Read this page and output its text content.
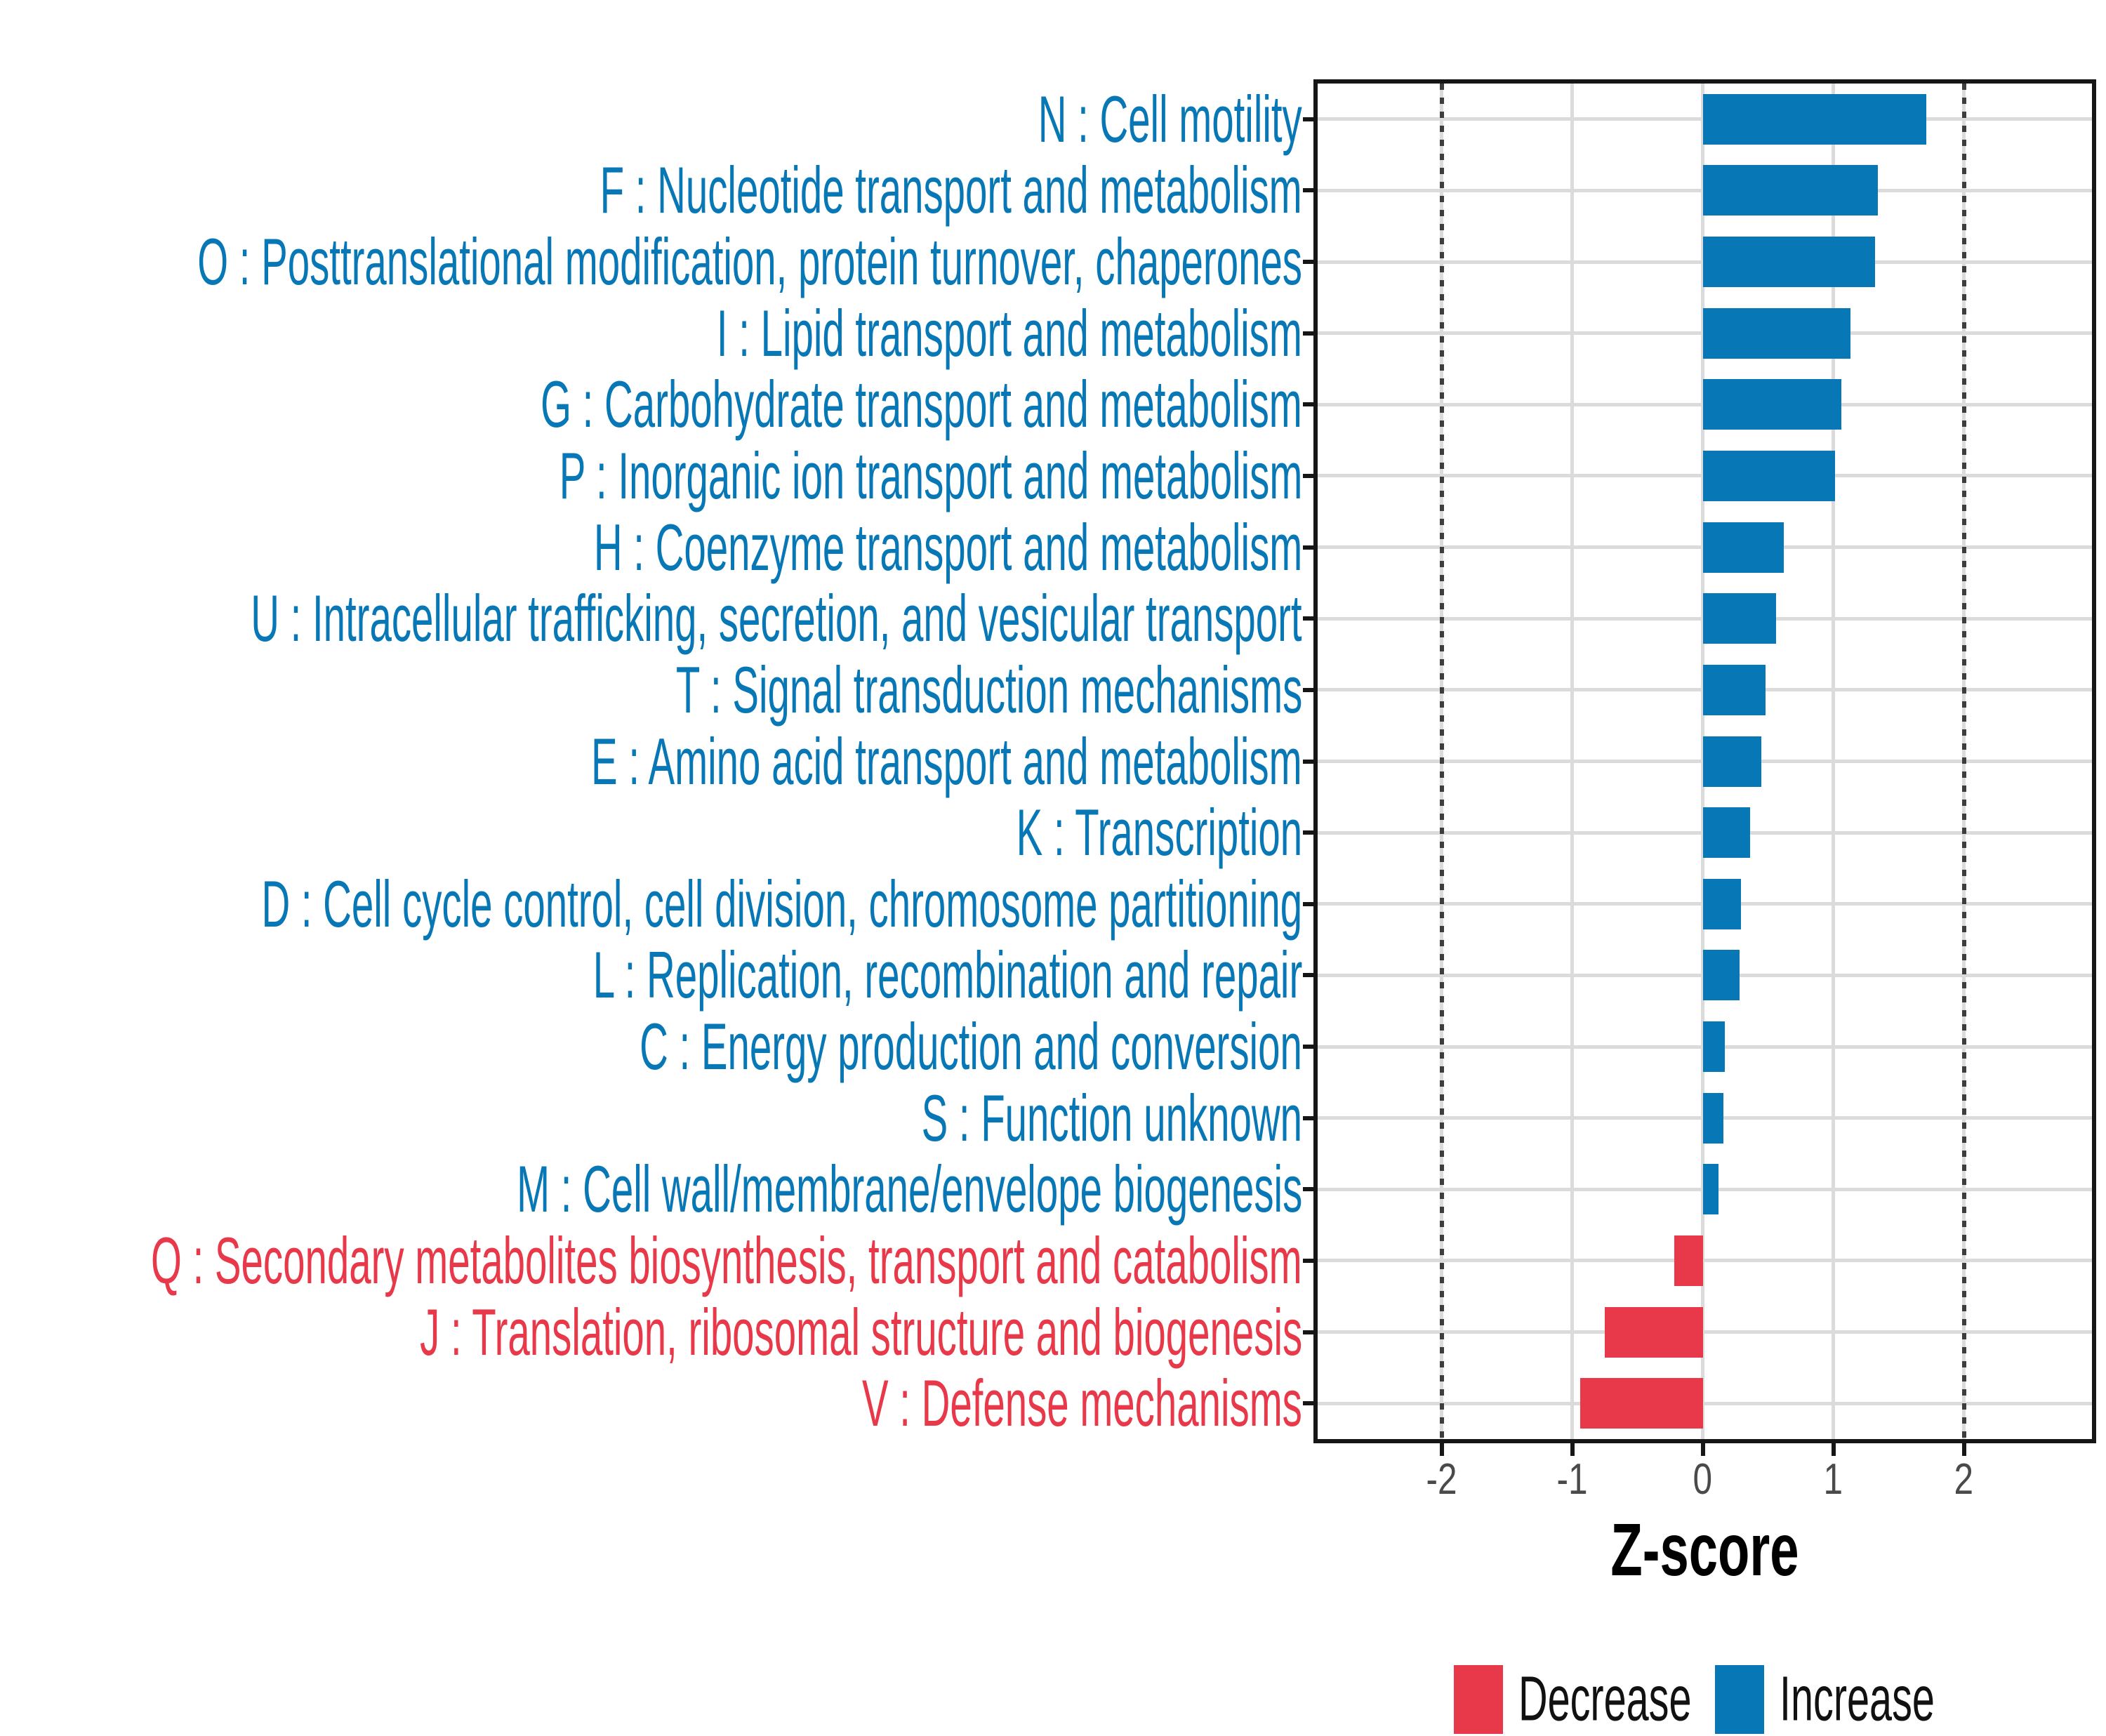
Z-score
Decrease Increase
-2	-1	0	1	2
N : Cell motility
F : Nucleotide transport and metabolism
O : Posttranslational modification, protein turnover, chaperones
I : Lipid transport and metabolism
G : Carbohydrate transport and metabolism
P : Inorganic ion transport and metabolism
H : Coenzyme transport and metabolism
U : Intracellular trafficking, secretion, and vesicular transport
T : Signal transduction mechanisms
E : Amino acid transport and metabolism
K : Transcription
D : Cell cycle control, cell division, chromosome partitioning
L : Replication, recombination and repair
C : Energy production and conversion
S : Function unknown
M : Cell wall/membrane/envelope biogenesis
Q : Secondary metabolites biosynthesis, transport and catabolism
J : Translation, ribosomal structure and biogenesis
V : Defense mechanisms
